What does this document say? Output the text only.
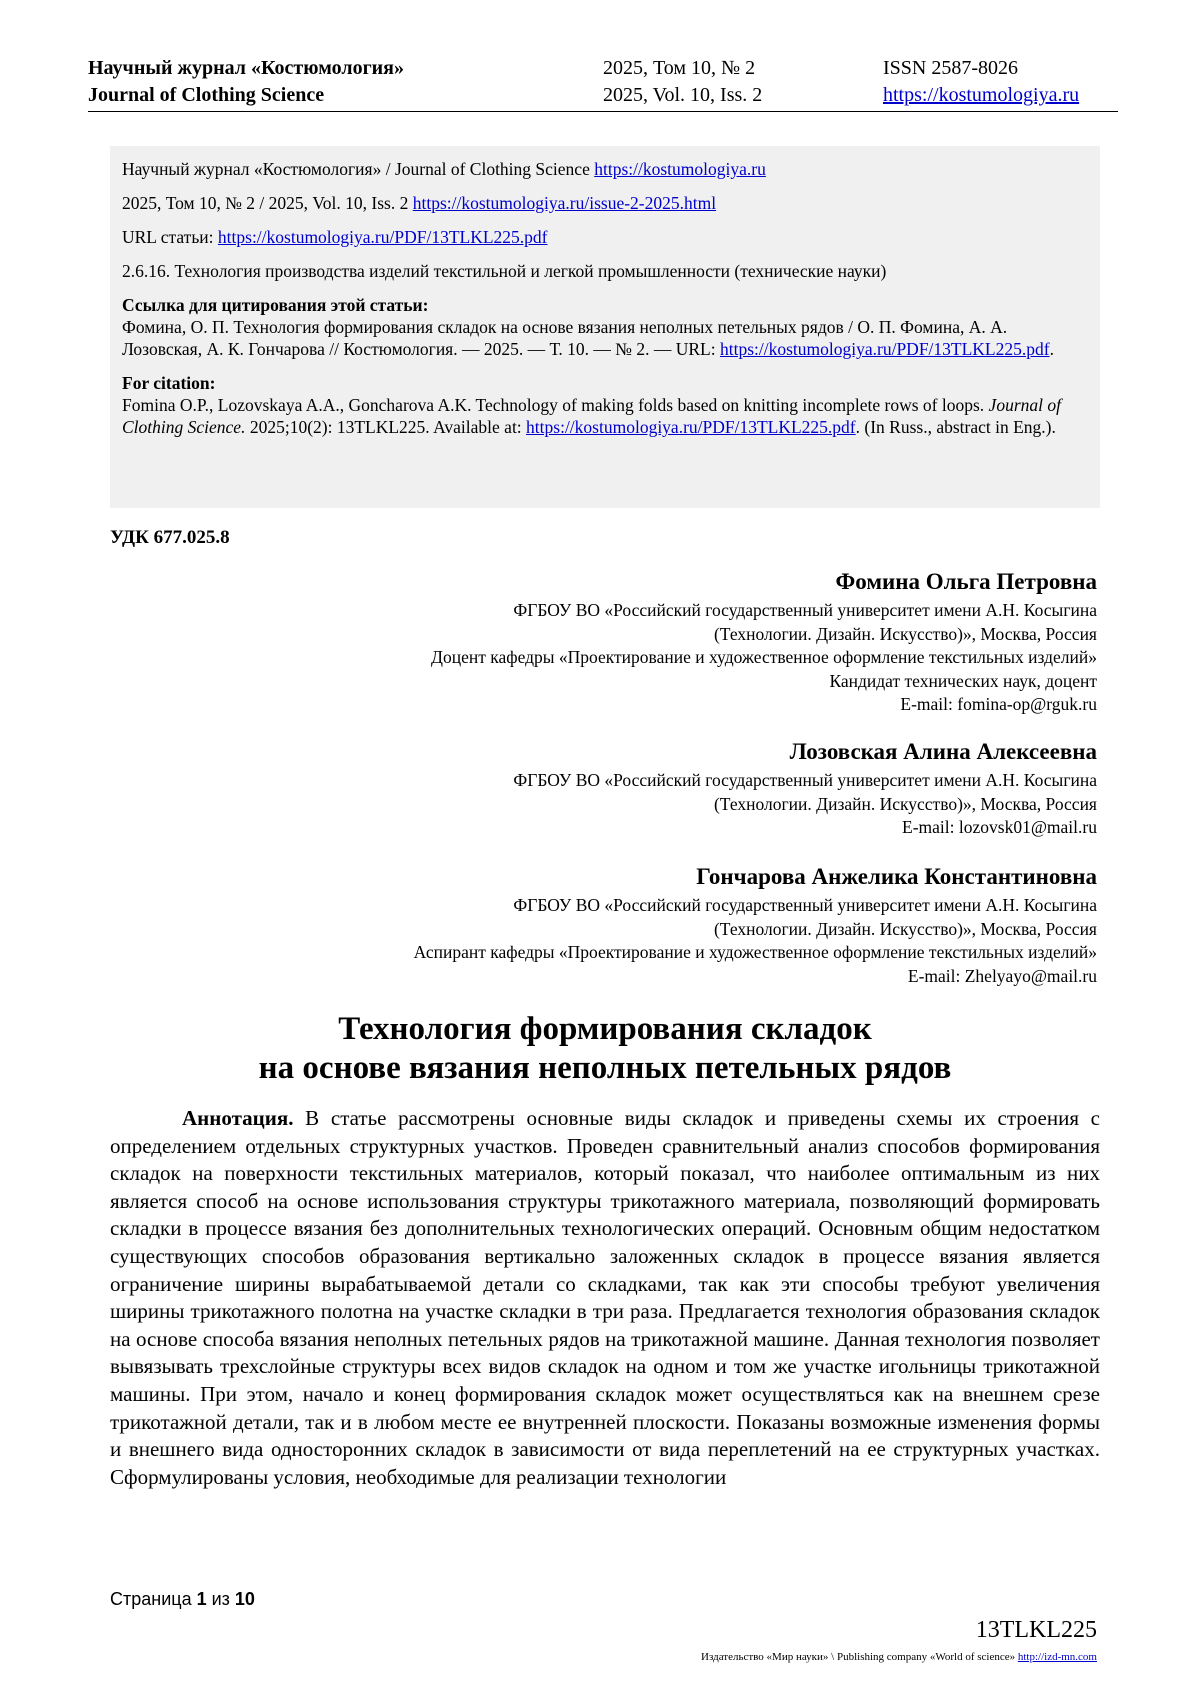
Научный журнал «Костюмология»
Journal of Clothing Science
2025, Том 10, № 2
2025, Vol. 10, Iss. 2
ISSN 2587-8026
https://kostumologiya.ru

Научный журнал «Костюмология» / Journal of Clothing Science https://kostumologiya.ru

2025, Том 10, № 2 / 2025, Vol. 10, Iss. 2 https://kostumologiya.ru/issue-2-2025.html

URL статьи: https://kostumologiya.ru/PDF/13TLKL225.pdf

2.6.16. Технология производства изделий текстильной и легкой промышленности (технические науки)

Ссылка для цитирования этой статьи:

Фомина, О. П. Технология формирования складок на основе вязания неполных петельных рядов / О. П. Фомина, А. А. Лозовская, А. К. Гончарова // Костюмология. — 2025. — Т. 10. — № 2. — URL: https://kostumologiya.ru/PDF/13TLKL225.pdf.

For citation:

Fomina O.P., Lozovskaya A.A., Goncharova A.K. Technology of making folds based on knitting incomplete rows of loops. Journal of Clothing Science. 2025;10(2): 13TLKL225. Available at: https://kostumologiya.ru/PDF/13TLKL225.pdf. (In Russ., abstract in Eng.).

УДК 677.025.8
Фомина Ольга Петровна
ФГБОУ ВО «Российский государственный университет имени А.Н. Косыгина
(Технологии. Дизайн. Искусство)», Москва, Россия
Доцент кафедры «Проектирование и художественное оформление текстильных изделий»
Кандидат технических наук, доцент
E-mail: fomina-op@rguk.ru
Лозовская Алина Алексеевна
ФГБОУ ВО «Российский государственный университет имени А.Н. Косыгина
(Технологии. Дизайн. Искусство)», Москва, Россия
E-mail: lozovsk01@mail.ru
Гончарова Анжелика Константиновна
ФГБОУ ВО «Российский государственный университет имени А.Н. Косыгина
(Технологии. Дизайн. Искусство)», Москва, Россия
Аспирант кафедры «Проектирование и художественное оформление текстильных изделий»
E-mail: Zhelyayo@mail.ru
Технология формирования складок
на основе вязания неполных петельных рядов

Аннотация. В статье рассмотрены основные виды складок и приведены схемы их строения с определением отдельных структурных участков. Проведен сравнительный анализ способов формирования складок на поверхности текстильных материалов, который показал, что наиболее оптимальным из них является способ на основе использования структуры трикотажного материала, позволяющий формировать складки в процессе вязания без дополнительных технологических операций. Основным общим недостатком существующих способов образования вертикально заложенных складок в процессе вязания является ограничение ширины вырабатываемой детали со складками, так как эти способы требуют увеличения ширины трикотажного полотна на участке складки в три раза. Предлагается технология образования складок на основе способа вязания неполных петельных рядов на трикотажной машине. Данная технология позволяет вывязывать трехслойные структуры всех видов складок на одном и том же участке игольницы трикотажной машины. При этом, начало и конец формирования складок может осуществляться как на внешнем срезе трикотажной детали, так и в любом месте ее внутренней плоскости. Показаны возможные изменения формы и внешнего вида односторонних складок в зависимости от вида переплетений на ее структурных участках. Сформулированы условия, необходимые для реализации технологии

Страница 1 из 10
13TLKL225
Издательство «Мир науки» \ Publishing company «World of science» http://izd-mn.com
